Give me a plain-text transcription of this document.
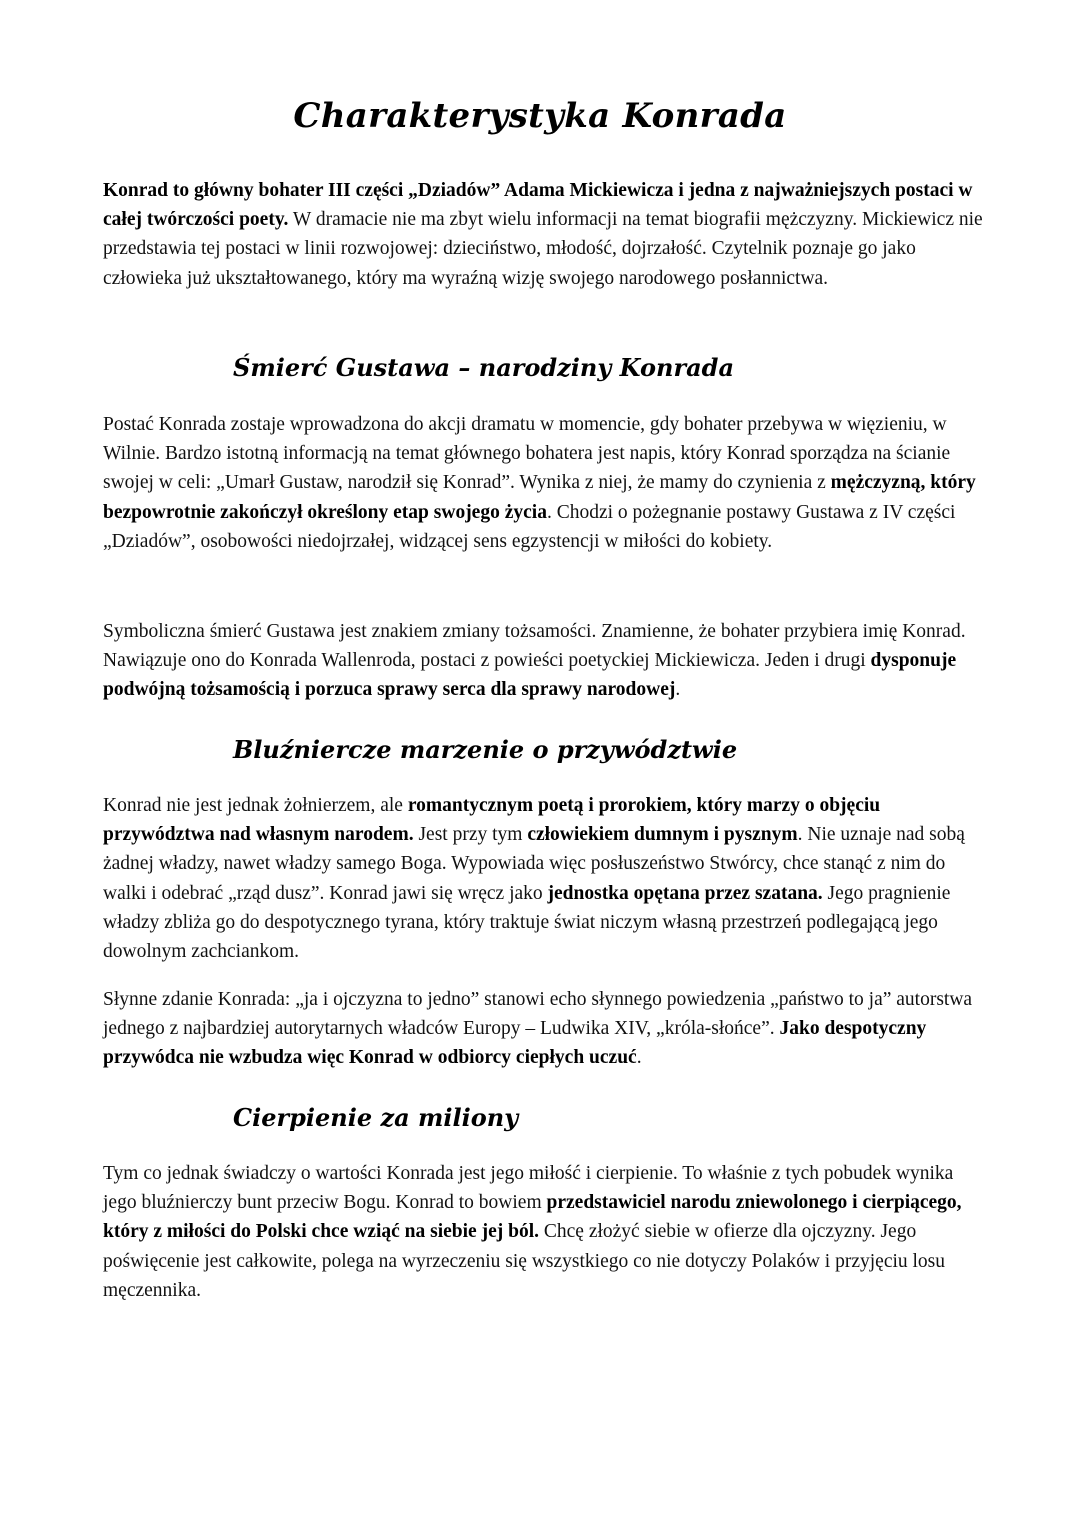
Charakterystyka Konrada

Konrad to główny bohater III części „Dziadów” Adama Mickiewicza i jedna z najważniejszych postaci w całej twórczości poety. W dramacie nie ma zbyt wielu informacji na temat biografii mężczyzny. Mickiewicz nie przedstawia tej postaci w linii rozwojowej: dzieciństwo, młodość, dojrzałość. Czytelnik poznaje go jako człowieka już ukształtowanego, który ma wyraźną wizję swojego narodowego posłannictwa.

Śmierć Gustawa – narodziny Konrada

Postać Konrada zostaje wprowadzona do akcji dramatu w momencie, gdy bohater przebywa w więzieniu, w Wilnie. Bardzo istotną informacją na temat głównego bohatera jest napis, który Konrad sporządza na ścianie swojej w celi: „Umarł Gustaw, narodził się Konrad”. Wynika z niej, że mamy do czynienia z mężczyzną, który bezpowrotnie zakończył określony etap swojego życia. Chodzi o pożegnanie postawy Gustawa z IV części „Dziadów”, osobowości niedojrzałej, widzącej sens egzystencji w miłości do kobiety.

Symboliczna śmierć Gustawa jest znakiem zmiany tożsamości. Znamienne, że bohater przybiera imię Konrad. Nawiązuje ono do Konrada Wallenroda, postaci z powieści poetyckiej Mickiewicza. Jeden i drugi dysponuje podwójną tożsamością i porzuca sprawy serca dla sprawy narodowej.

Bluźniercze marzenie o przywództwie

Konrad nie jest jednak żołnierzem, ale romantycznym poetą i prorokiem, który marzy o objęciu przywództwa nad własnym narodem. Jest przy tym człowiekiem dumnym i pysznym. Nie uznaje nad sobą żadnej władzy, nawet władzy samego Boga. Wypowiada więc posłuszeństwo Stwórcy, chce stanąć z nim do walki i odebrać „rząd dusz”. Konrad jawi się wręcz jako jednostka opętana przez szatana. Jego pragnienie władzy zbliża go do despotycznego tyrana, który traktuje świat niczym własną przestrzeń podlegającą jego dowolnym zachciankom.

Słynne zdanie Konrada: „ja i ojczyzna to jedno” stanowi echo słynnego powiedzenia „państwo to ja” autorstwa jednego z najbardziej autorytarnych władców Europy – Ludwika XIV, „króla-słońce”. Jako despotyczny przywódca nie wzbudza więc Konrad w odbiorcy ciepłych uczuć.

Cierpienie za miliony

Tym co jednak świadczy o wartości Konrada jest jego miłość i cierpienie. To właśnie z tych pobudek wynika jego bluźnierczy bunt przeciw Bogu. Konrad to bowiem przedstawiciel narodu zniewolonego i cierpiącego, który z miłości do Polski chce wziąć na siebie jej ból. Chcę złożyć siebie w ofierze dla ojczyzny. Jego poświęcenie jest całkowite, polega na wyrzeczeniu się wszystkiego co nie dotyczy Polaków i przyjęciu losu męczennika.
